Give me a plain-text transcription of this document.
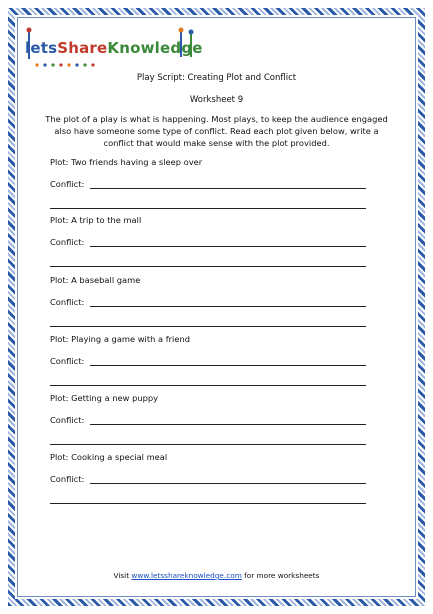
letsShareKnowledge
Play Script: Creating Plot and Conflict
Worksheet 9
The plot of a play is what is happening. Most plays, to keep the audience engaged also have someone some type of conflict. Read each plot given below, write a conflict that would make sense with the plot provided.
Plot: Two friends having a sleep over
Conflict:
Plot: A trip to the mall
Conflict:
Plot: A baseball game
Conflict:
Plot: Playing a game with a friend
Conflict:
Plot: Getting a new puppy
Conflict:
Plot: Cooking a special meal
Conflict:
Visit www.letsshareknowledge.com for more worksheets
